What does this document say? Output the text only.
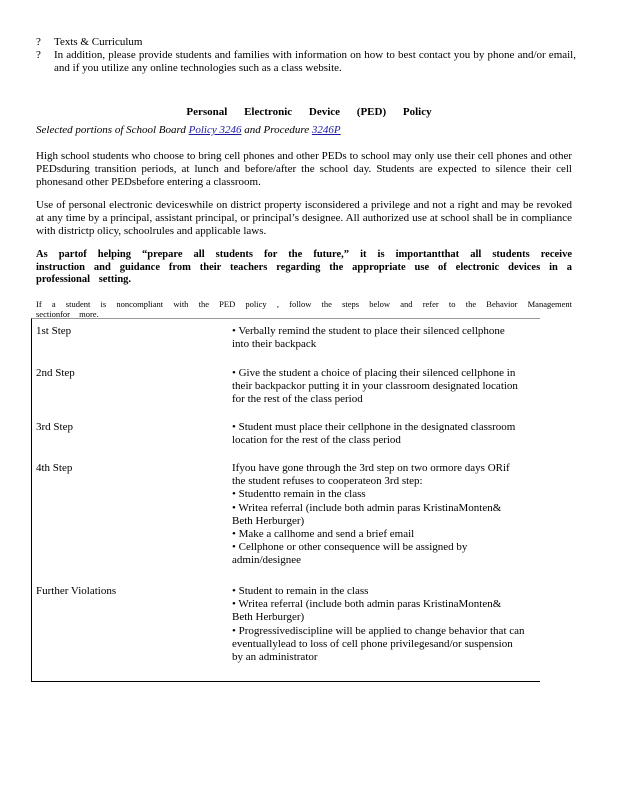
?	Texts & Curriculum
?	In addition, please provide students and families with information on how to best contact you by phone and/or email, and if you utilize any online technologies such as a class website.
Personal Electronic Device (PED) Policy
Selected portions of School Board Policy 3246 and Procedure 3246P
High school students who choose to bring cell phones and other PEDs to school may only use their cell phones and other PEDsduring transition periods, at lunch and before/after the school day. Students are expected to silence their cell phonesand other PEDsbefore entering a classroom.
Use of personal electronic deviceswhile on district property isconsidered a privilege and not a right and may be revoked at any time by a principal, assistant principal, or principal’s designee. All authorized use at school shall be in compliance with districtp olicy, schoolrules and applicable laws.
As partof helping “prepare all students for the future,” it is importantthat all students receive instruction and guidance from their teachers regarding the appropriate use of electronic devices in a professional setting.
If a student is noncompliant with the PED policy , follow the steps below and refer to the Behavior Management sectionfor more.
1st Step	• Verbally remind the student to place their silenced cellphone
into their backpack
2nd Step	• Give the student a choice of placing their silenced cellphone in
their backpackor putting it in your classroom designated location
for the rest of the class period
3rd Step	• Student must place their cellphone in the designated classroom
location for the rest of the class period
4th Step	Ifyou have gone through the 3rd step on two ormore days ORif
the student refuses to cooperateon 3rd step:
• Studentto remain in the class
• Writea referral (include both admin paras KristinaMonten&
Beth Herburger)
• Make a callhome and send a brief email
• Cellphone or other consequence will be assigned by
admin/designee
Further Violations	• Student to remain in the class
• Writea referral (include both admin paras KristinaMonten&
Beth Herburger)
• Progressivediscipline will be applied to change behavior that can
eventuallylead to loss of cell phone privilegesand/or suspension
by an administrator
